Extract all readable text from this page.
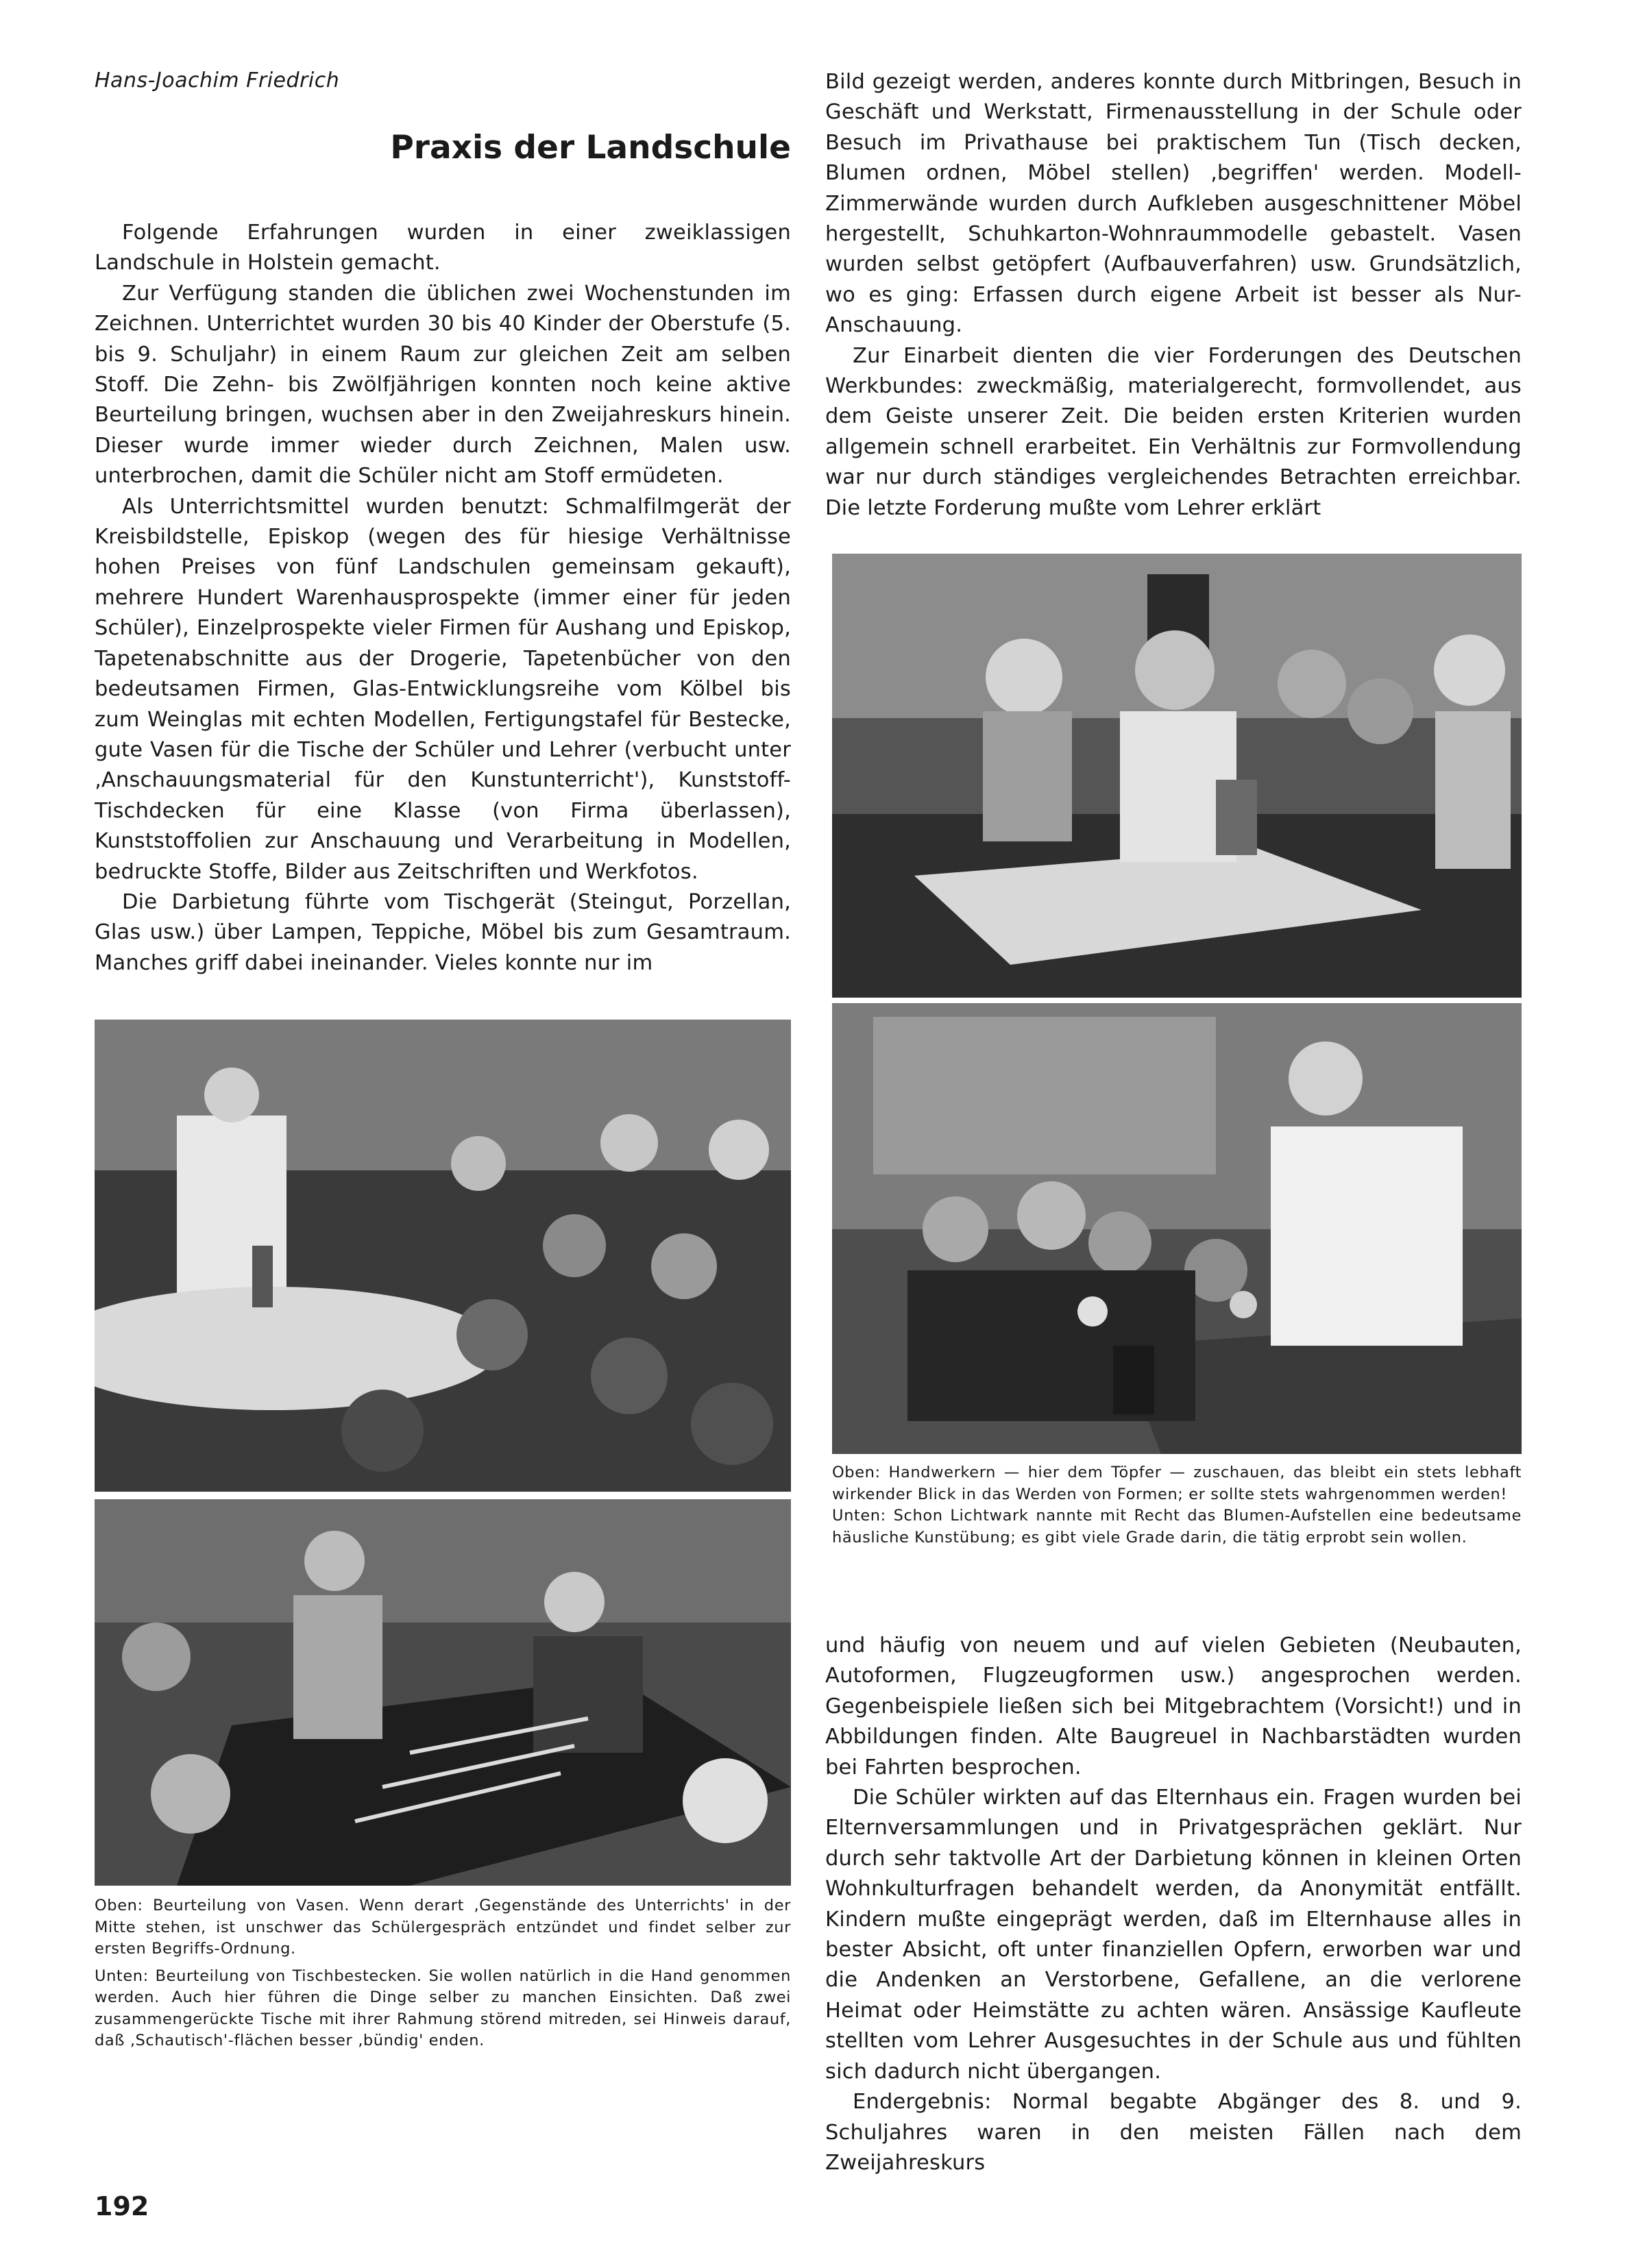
Hans-Joachim Friedrich
Praxis der Landschule

Folgende Erfahrungen wurden in einer zweiklassigen Landschule in Holstein gemacht.

Zur Verfügung standen die üblichen zwei Wochenstunden im Zeichnen. Unterrichtet wurden 30 bis 40 Kinder der Oberstufe (5. bis 9. Schuljahr) in einem Raum zur gleichen Zeit am selben Stoff. Die Zehn- bis Zwölfjährigen konnten noch keine aktive Beurteilung bringen, wuchsen aber in den Zweijahreskurs hinein. Dieser wurde immer wieder durch Zeichnen, Malen usw. unterbrochen, damit die Schüler nicht am Stoff ermüdeten.

Als Unterrichtsmittel wurden benutzt: Schmalfilmgerät der Kreisbildstelle, Episkop (wegen des für hiesige Verhältnisse hohen Preises von fünf Landschulen gemeinsam gekauft), mehrere Hundert Warenhausprospekte (immer einer für jeden Schüler), Einzelprospekte vieler Firmen für Aushang und Episkop, Tapetenabschnitte aus der Drogerie, Tapetenbücher von den bedeutsamen Firmen, Glas-Entwicklungsreihe vom Kölbel bis zum Weinglas mit echten Modellen, Fertigungstafel für Bestecke, gute Vasen für die Tische der Schüler und Lehrer (verbucht unter ‚Anschauungsmaterial für den Kunstunterricht'), Kunststoff-Tischdecken für eine Klasse (von Firma überlassen), Kunststoffolien zur Anschauung und Verarbeitung in Modellen, bedruckte Stoffe, Bilder aus Zeitschriften und Werkfotos.

Die Darbietung führte vom Tischgerät (Steingut, Porzellan, Glas usw.) über Lampen, Teppiche, Möbel bis zum Gesamtraum. Manches griff dabei ineinander. Vieles konnte nur im

Oben: Beurteilung von Vasen. Wenn derart ‚Gegenstände des Unterrichts' in der Mitte stehen, ist unschwer das Schülergespräch entzündet und findet selber zur ersten Begriffs-Ordnung.

Unten: Beurteilung von Tischbestecken. Sie wollen natürlich in die Hand genommen werden. Auch hier führen die Dinge selber zu manchen Einsichten. Daß zwei zusammengerückte Tische mit ihrer Rahmung störend mitreden, sei Hinweis darauf, daß ‚Schautisch'-flächen besser ‚bündig' enden.

Bild gezeigt werden, anderes konnte durch Mitbringen, Besuch in Geschäft und Werkstatt, Firmenausstellung in der Schule oder Besuch im Privathause bei praktischem Tun (Tisch decken, Blumen ordnen, Möbel stellen) ‚begriffen' werden. Modell-Zimmerwände wurden durch Aufkleben ausgeschnittener Möbel hergestellt, Schuhkarton-Wohnraummodelle gebastelt. Vasen wurden selbst getöpfert (Aufbauverfahren) usw. Grundsätzlich, wo es ging: Erfassen durch eigene Arbeit ist besser als Nur-Anschauung.

Zur Einarbeit dienten die vier Forderungen des Deutschen Werkbundes: zweckmäßig, materialgerecht, formvollendet, aus dem Geiste unserer Zeit. Die beiden ersten Kriterien wurden allgemein schnell erarbeitet. Ein Verhältnis zur Formvollendung war nur durch ständiges vergleichendes Betrachten erreichbar. Die letzte Forderung mußte vom Lehrer erklärt

Oben: Handwerkern — hier dem Töpfer — zuschauen, das bleibt ein stets lebhaft wirkender Blick in das Werden von Formen; er sollte stets wahrgenommen werden!

Unten: Schon Lichtwark nannte mit Recht das Blumen-Aufstellen eine bedeutsame häusliche Kunstübung; es gibt viele Grade darin, die tätig erprobt sein wollen.

und häufig von neuem und auf vielen Gebieten (Neubauten, Autoformen, Flugzeugformen usw.) angesprochen werden. Gegenbeispiele ließen sich bei Mitgebrachtem (Vorsicht!) und in Abbildungen finden. Alte Baugreuel in Nachbarstädten wurden bei Fahrten besprochen.

Die Schüler wirkten auf das Elternhaus ein. Fragen wurden bei Elternversammlungen und in Privatgesprächen geklärt. Nur durch sehr taktvolle Art der Darbietung können in kleinen Orten Wohnkulturfragen behandelt werden, da Anonymität entfällt. Kindern mußte eingeprägt werden, daß im Elternhause alles in bester Absicht, oft unter finanziellen Opfern, erworben war und die Andenken an Verstorbene, Gefallene, an die verlorene Heimat oder Heimstätte zu achten wären. Ansässige Kaufleute stellten vom Lehrer Ausgesuchtes in der Schule aus und fühlten sich dadurch nicht übergangen.

Endergebnis: Normal begabte Abgänger des 8. und 9. Schuljahres waren in den meisten Fällen nach dem Zweijahreskurs

192
